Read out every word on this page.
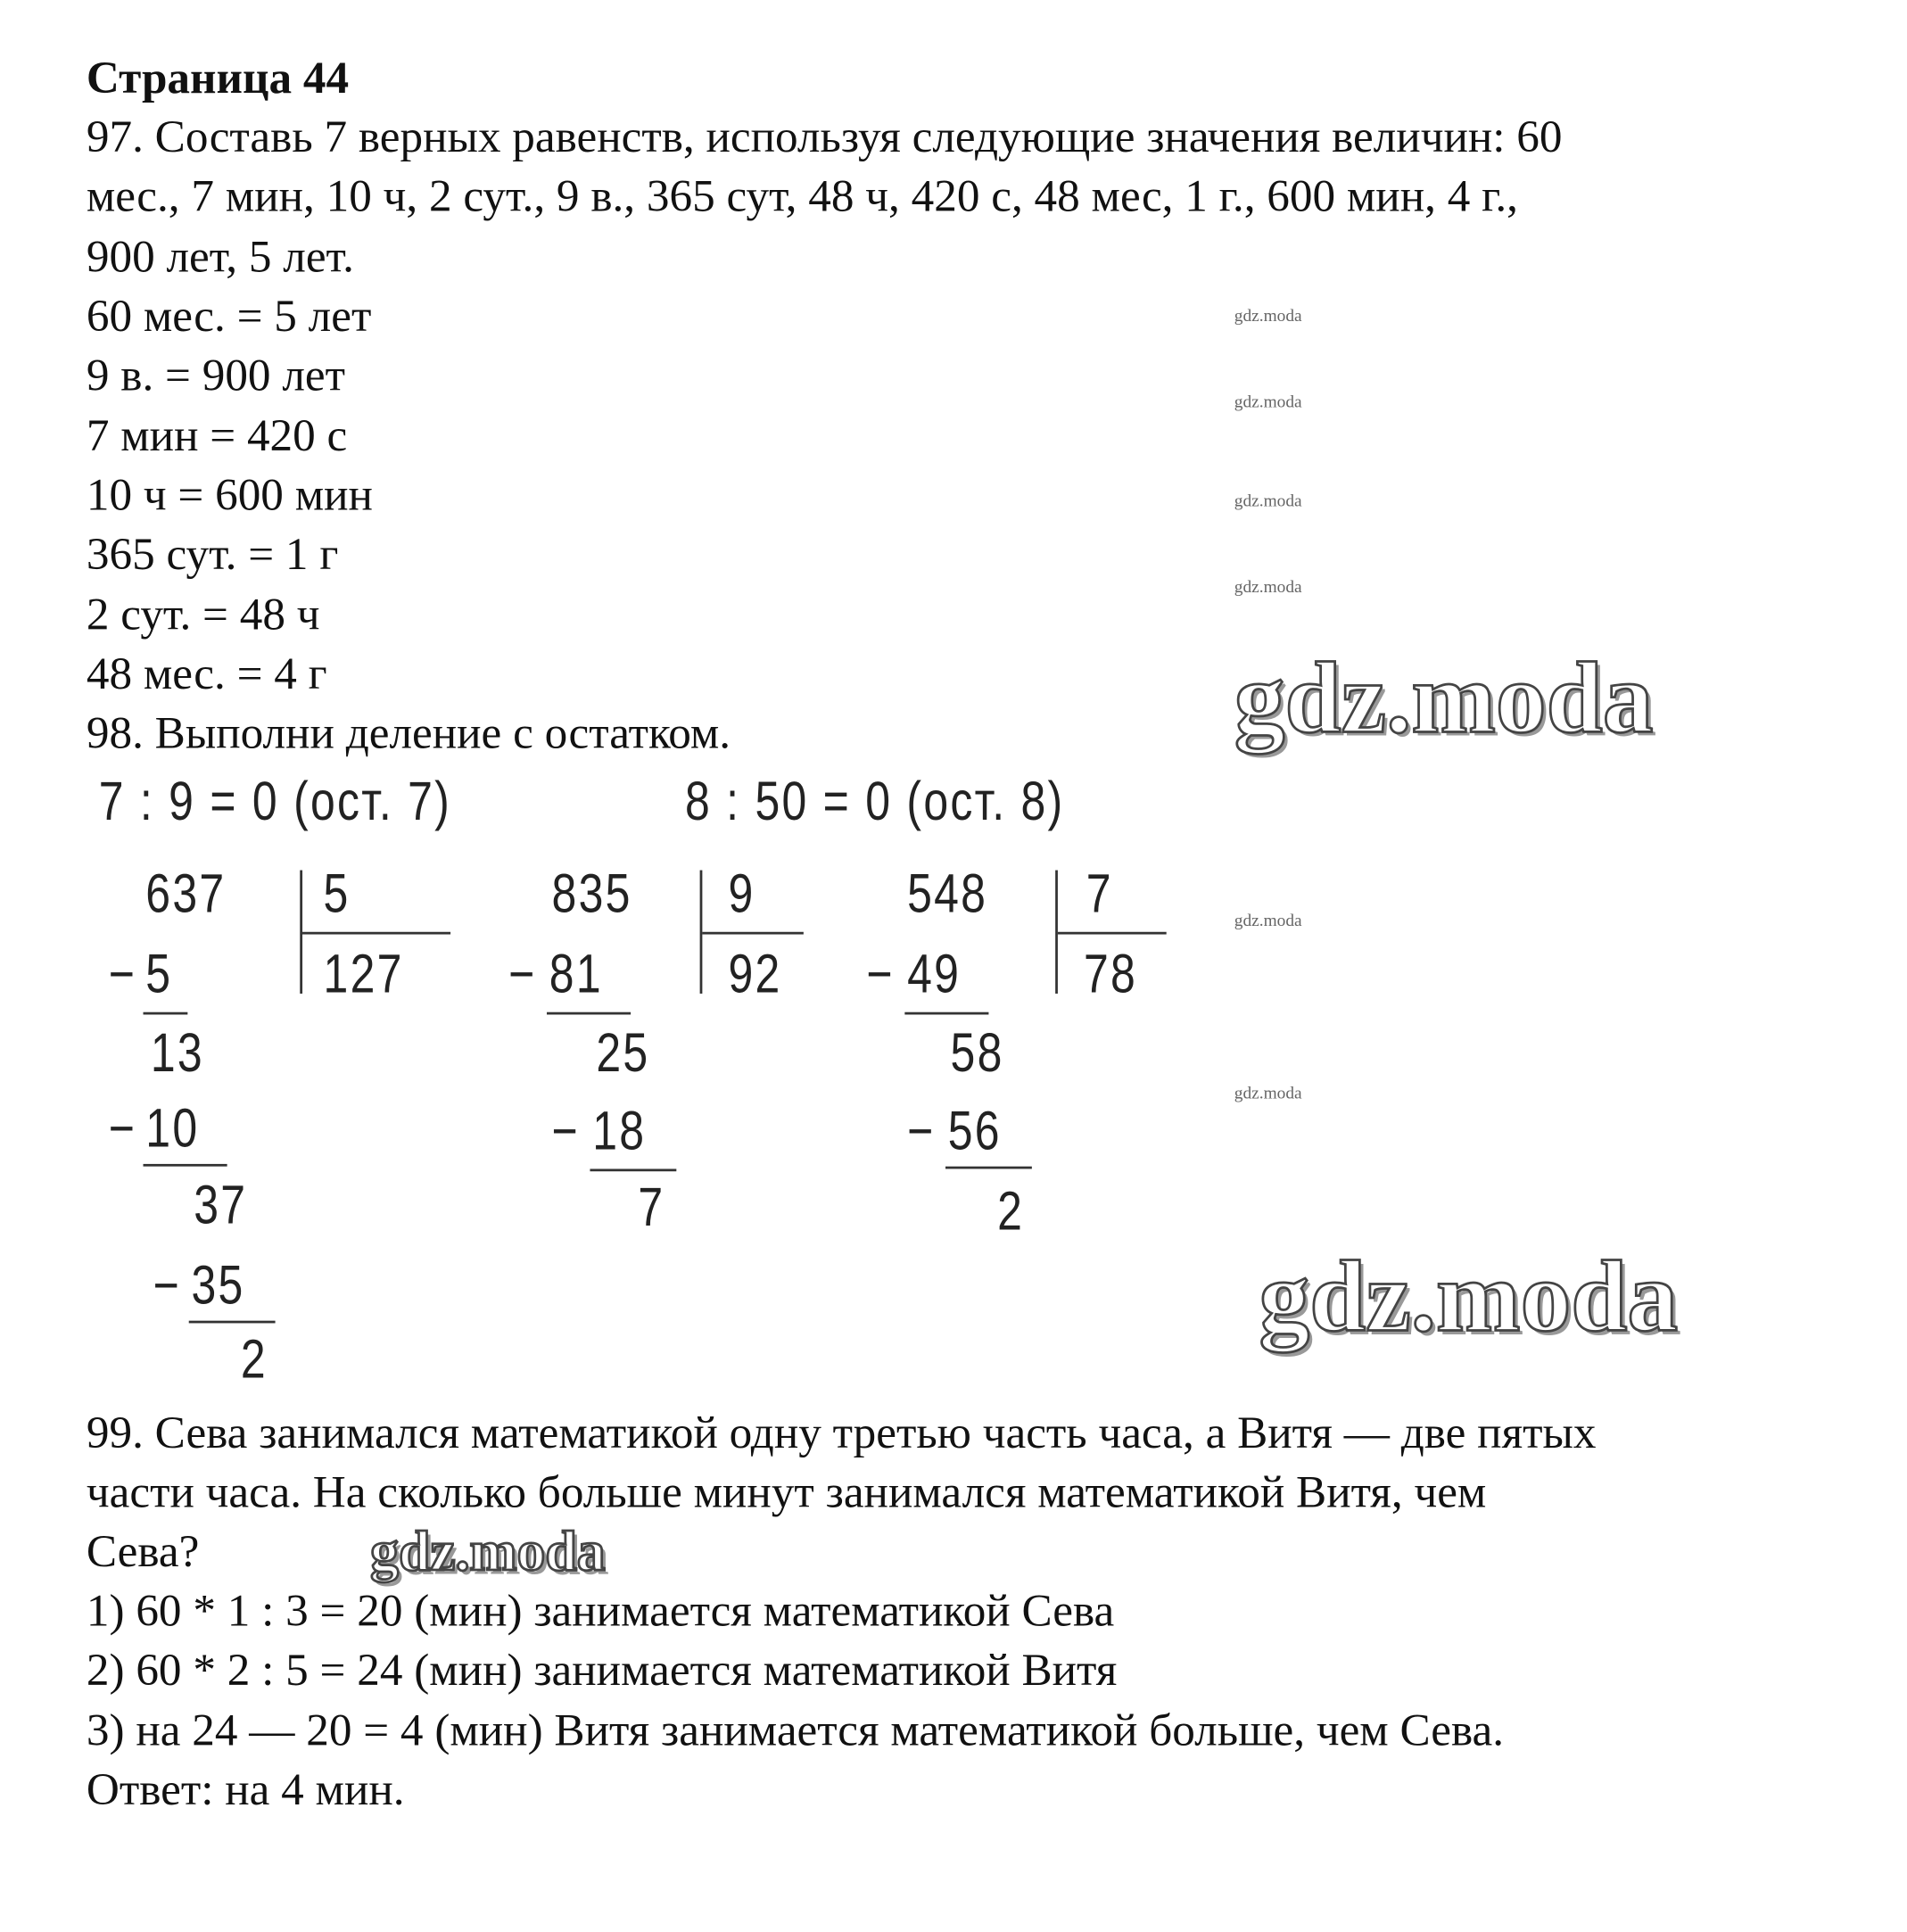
Страница 44
97. Составь 7 верных равенств, используя следующие значения величин: 60
мес., 7 мин, 10 ч, 2 сут., 9 в., 365 сут, 48 ч, 420 с, 48 мес, 1 г., 600 мин, 4 г.,
900 лет, 5 лет.
60 мес. = 5 лет
9 в. = 900 лет
7 мин = 420 с
10 ч = 600 мин
365 сут. = 1 г
2 сут. = 48 ч
48 мес. = 4 г
98. Выполни деление с остатком.
7 : 9 = 0 (ост. 7)	8 : 50 = 0 (ост. 8)
637 5
127
− 5
13
− 10
37
− 35
2
835 9
92
− 81
25
− 18
7
548	7
78
− 49
58
− 56
2
99. Сева занимался математикой одну третью часть часа, а Витя — две пятых
части часа. На сколько больше минут занимался математикой Витя, чем
Сева?
1) 60 * 1 : 3 = 20 (мин) занимается математикой Сева
2) 60 * 2 : 5 = 24 (мин) занимается математикой Витя
3) на 24 — 20 = 4 (мин) Витя занимается математикой больше, чем Сева.
Ответ: на 4 мин.
gdz.moda
gdz.moda
gdz.moda
gdz.moda
gdz.moda
gdz.moda
gdz.moda
gdz.moda
gdz.moda
